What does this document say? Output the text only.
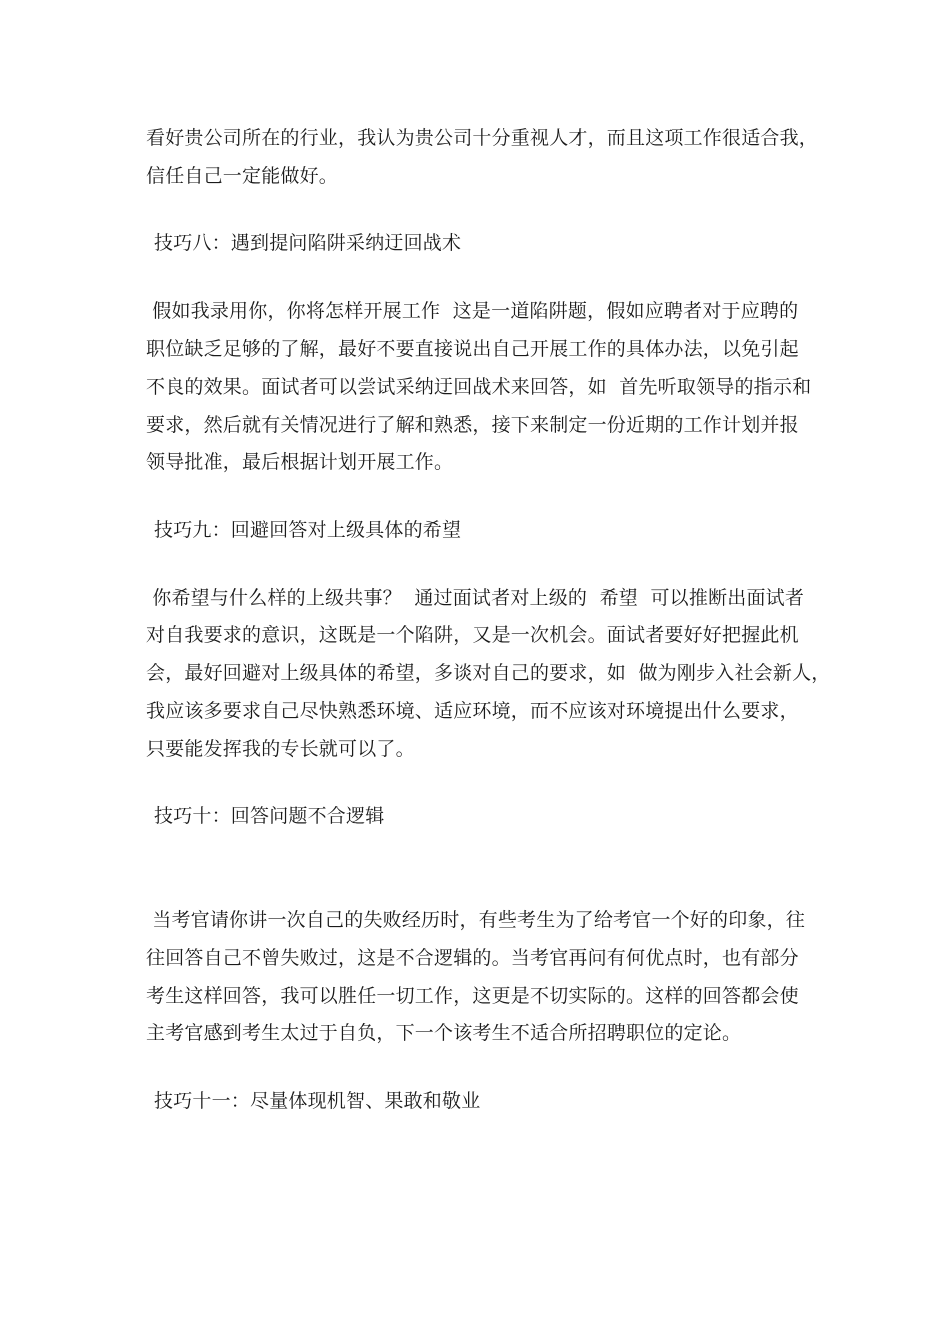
看好贵公司所在的行业，我认为贵公司十分重视人才，而且这项工作很适合我，
信任自己一定能做好。
技巧八：遇到提问陷阱采纳迂回战术
假如我录用你，你将怎样开展工作  这是一道陷阱题，假如应聘者对于应聘的
职位缺乏足够的了解，最好不要直接说出自己开展工作的具体办法，以免引起
不良的效果。面试者可以尝试采纳迂回战术来回答，如  首先听取领导的指示和
要求，然后就有关情况进行了解和熟悉，接下来制定一份近期的工作计划并报
领导批准，最后根据计划开展工作。
技巧九：回避回答对上级具体的希望
你希望与什么样的上级共事？  通过面试者对上级的  希望  可以推断出面试者
对自我要求的意识，这既是一个陷阱，又是一次机会。面试者要好好把握此机
会，最好回避对上级具体的希望，多谈对自己的要求，如  做为刚步入社会新人，
我应该多要求自己尽快熟悉环境、适应环境，而不应该对环境提出什么要求，
只要能发挥我的专长就可以了。
技巧十：回答问题不合逻辑
当考官请你讲一次自己的失败经历时，有些考生为了给考官一个好的印象，往
往回答自己不曾失败过，这是不合逻辑的。当考官再问有何优点时，也有部分
考生这样回答，我可以胜任一切工作，这更是不切实际的。这样的回答都会使
主考官感到考生太过于自负，下一个该考生不适合所招聘职位的定论。
技巧十一：尽量体现机智、果敢和敬业
